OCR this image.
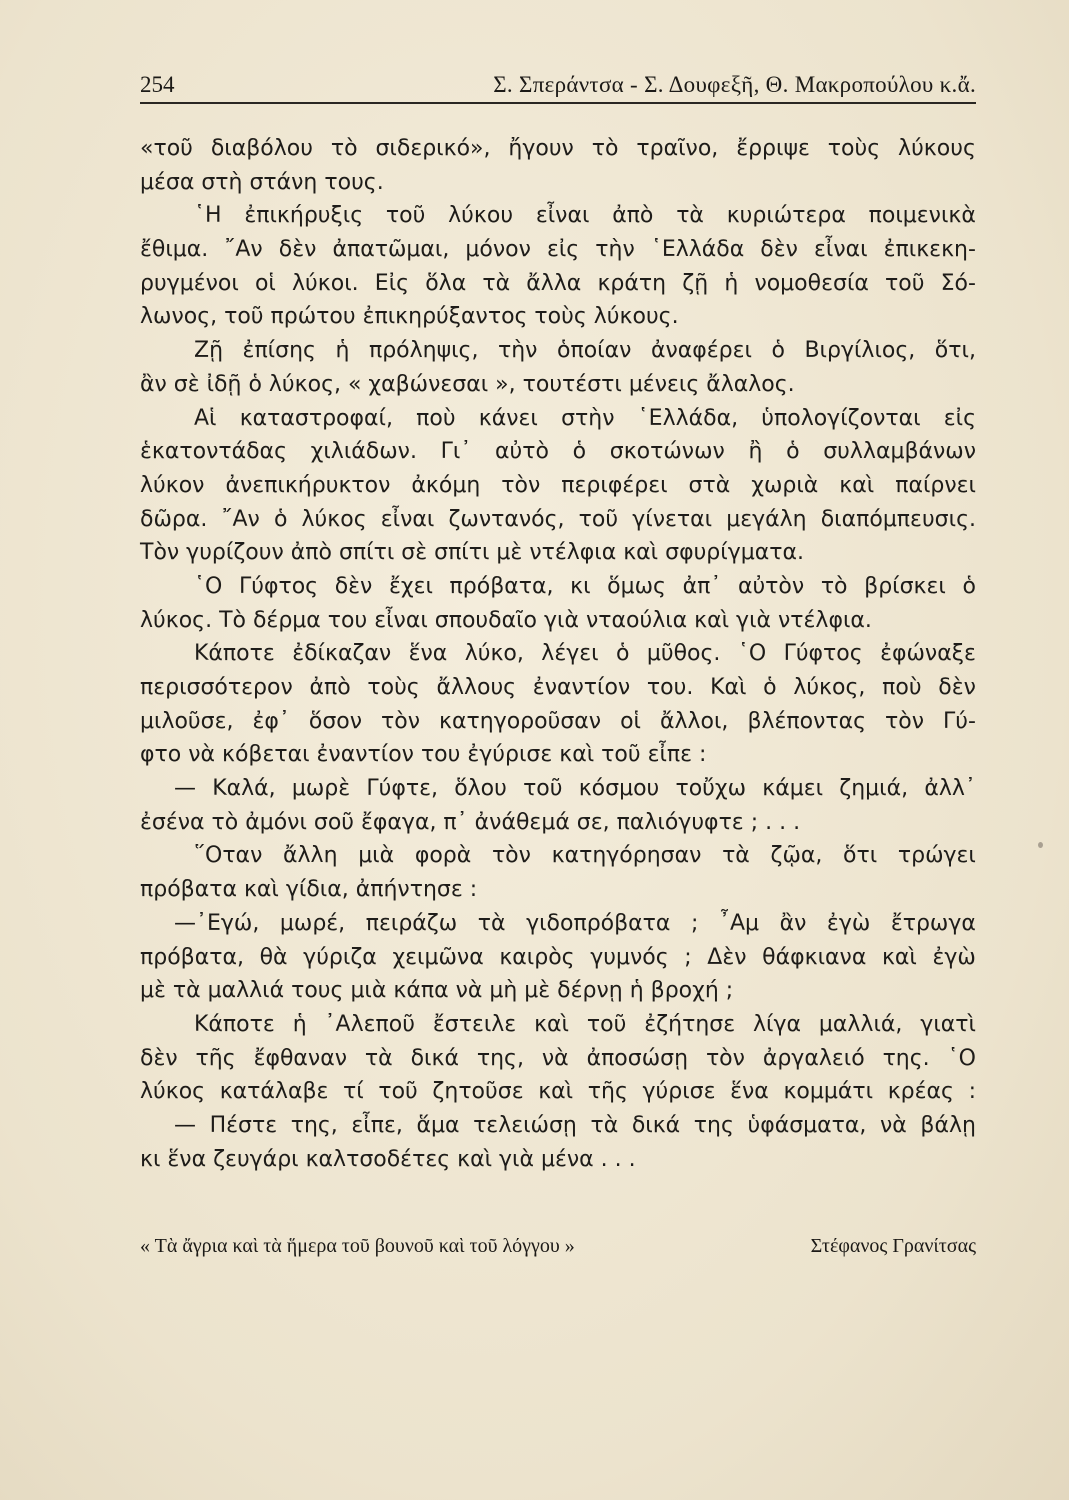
254	Σ. Σπεράντσα - Σ. Δουφεξῆ, Θ. Μακροπούλου κ.ἄ.
«τοῦ διαβόλου τὸ σιδερικό», ἤγουν τὸ τραῖνο, ἔρριψε τοὺς λύκους
μέσα στὴ στάνη τους.
῾Η ἐπικήρυξις τοῦ λύκου εἶναι ἀπὸ τὰ κυριώτερα ποιμενικὰ
ἔθιμα. ῎Αν δὲν ἀπατῶμαι, μόνον εἰς τὴν ῾Ελλάδα δὲν εἶναι ἐπικεκη-
ρυγμένοι οἱ λύκοι. Εἰς ὅλα τὰ ἄλλα κράτη ζῇ ἡ νομοθεσία τοῦ Σό-
λωνος, τοῦ πρώτου ἐπικηρύξαντος τοὺς λύκους.
Ζῇ ἐπίσης ἡ πρόληψις, τὴν ὁποίαν ἀναφέρει ὁ Βιργίλιος, ὅτι,
ἂν σὲ ἰδῇ ὁ λύκος, « χαβώνεσαι », τουτέστι μένεις ἄλαλος.
Αἱ καταστροφαί, ποὺ κάνει στὴν ῾Ελλάδα, ὑπολογίζονται εἰς
ἑκατοντάδας χιλιάδων. Γι᾿ αὐτὸ ὁ σκοτώνων ἢ ὁ συλλαμβάνων
λύκον ἀνεπικήρυκτον ἀκόμη τὸν περιφέρει στὰ χωριὰ καὶ παίρνει
δῶρα. ῎Αν ὁ λύκος εἶναι ζωντανός, τοῦ γίνεται μεγάλη διαπόμπευσις.
Τὸν γυρίζουν ἀπὸ σπίτι σὲ σπίτι μὲ ντέλφια καὶ σφυρίγματα.
῾Ο Γύφτος δὲν ἔχει πρόβατα, κι ὅμως ἀπ᾿ αὐτὸν τὸ βρίσκει ὁ
λύκος. Τὸ δέρμα του εἶναι σπουδαῖο γιὰ νταούλια καὶ γιὰ ντέλφια.
Κάποτε ἐδίκαζαν ἕνα λύκο, λέγει ὁ μῦθος. ῾Ο Γύφτος ἐφώναξε
περισσότερον ἀπὸ τοὺς ἄλλους ἐναντίον του. Καὶ ὁ λύκος, ποὺ δὲν
μιλοῦσε, ἐφ᾿ ὅσον τὸν κατηγοροῦσαν οἱ ἄλλοι, βλέποντας τὸν Γύ-
φτο νὰ κόβεται ἐναντίον του ἐγύρισε καὶ τοῦ εἶπε :
— Καλά, μωρὲ Γύφτε, ὅλου τοῦ κόσμου τοὔχω κάμει ζημιά, ἀλλ᾿
ἐσένα τὸ ἀμόνι σοῦ ἔφαγα, π᾿ ἀνάθεμά σε, παλιόγυφτε ; . . .
῞Οταν ἄλλη μιὰ φορὰ τὸν κατηγόρησαν τὰ ζῷα, ὅτι τρώγει
πρόβατα καὶ γίδια, ἀπήντησε :
—᾿Εγώ, μωρέ, πειράζω τὰ γιδοπρόβατα ; ῏Αμ ἂν ἐγὼ ἔτρωγα
πρόβατα, θὰ γύριζα χειμῶνα καιρὸς γυμνός ; Δὲν θάφκιανα καὶ ἐγὼ
μὲ τὰ μαλλιά τους μιὰ κάπα νὰ μὴ μὲ δέρνῃ ἡ βροχή ;
Κάποτε ἡ ᾿Αλεποῦ ἔστειλε καὶ τοῦ ἐζήτησε λίγα μαλλιά, γιατὶ
δὲν τῆς ἔφθαναν τὰ δικά της, νὰ ἀποσώσῃ τὸν ἀργαλειό της. ῾Ο
λύκος κατάλαβε τί τοῦ ζητοῦσε καὶ τῆς γύρισε ἕνα κομμάτι κρέας :
— Πέστε της, εἶπε, ἅμα τελειώσῃ τὰ δικά της ὑφάσματα, νὰ βάλῃ
κι ἕνα ζευγάρι καλτσοδέτες καὶ γιὰ μένα . . .
« Τὰ ἄγρια καὶ τὰ ἥμερα τοῦ βουνοῦ καὶ τοῦ λόγγου »	Στέφανος Γρανίτσας
